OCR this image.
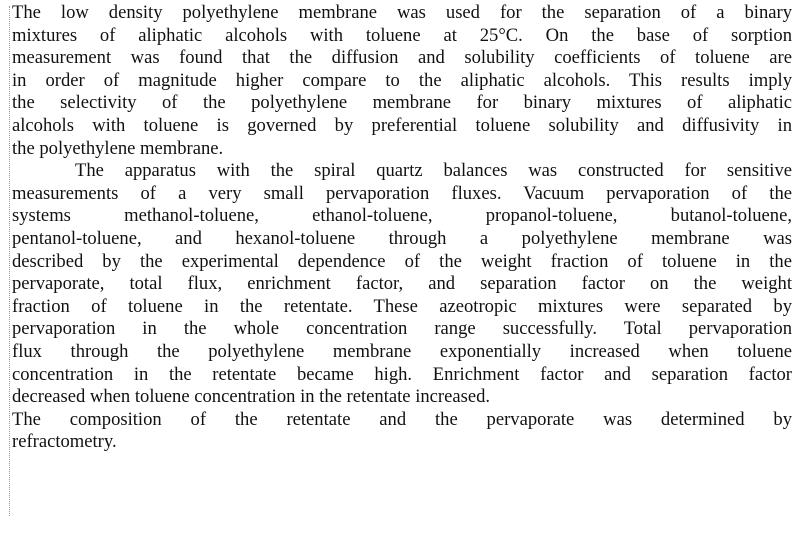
The low density polyethylene membrane was used for the separation of a binary
mixtures of aliphatic alcohols with toluene at 25°C. On the base of sorption
measurement was found that the diffusion and solubility coefficients of toluene are
in order of magnitude higher compare to the aliphatic alcohols. This results imply
the selectivity of the polyethylene membrane for binary mixtures of aliphatic
alcohols with toluene is governed by preferential toluene solubility and diffusivity in
the polyethylene membrane.

The apparatus with the spiral quartz balances was constructed for sensitive
measurements of a very small pervaporation fluxes. Vacuum pervaporation of the
systems methanol-toluene, ethanol-toluene, propanol-toluene, butanol-toluene,
pentanol-toluene, and hexanol-toluene through a polyethylene membrane was
described by the experimental dependence of the weight fraction of toluene in the
pervaporate, total flux, enrichment factor, and separation factor on the weight
fraction of toluene in the retentate. These azeotropic mixtures were separated by
pervaporation in the whole concentration range successfully. Total pervaporation
flux through the polyethylene membrane exponentially increased when toluene
concentration in the retentate became high. Enrichment factor and separation factor
decreased when toluene concentration in the retentate increased.

The composition of the retentate and the pervaporate was determined by
refractometry.
